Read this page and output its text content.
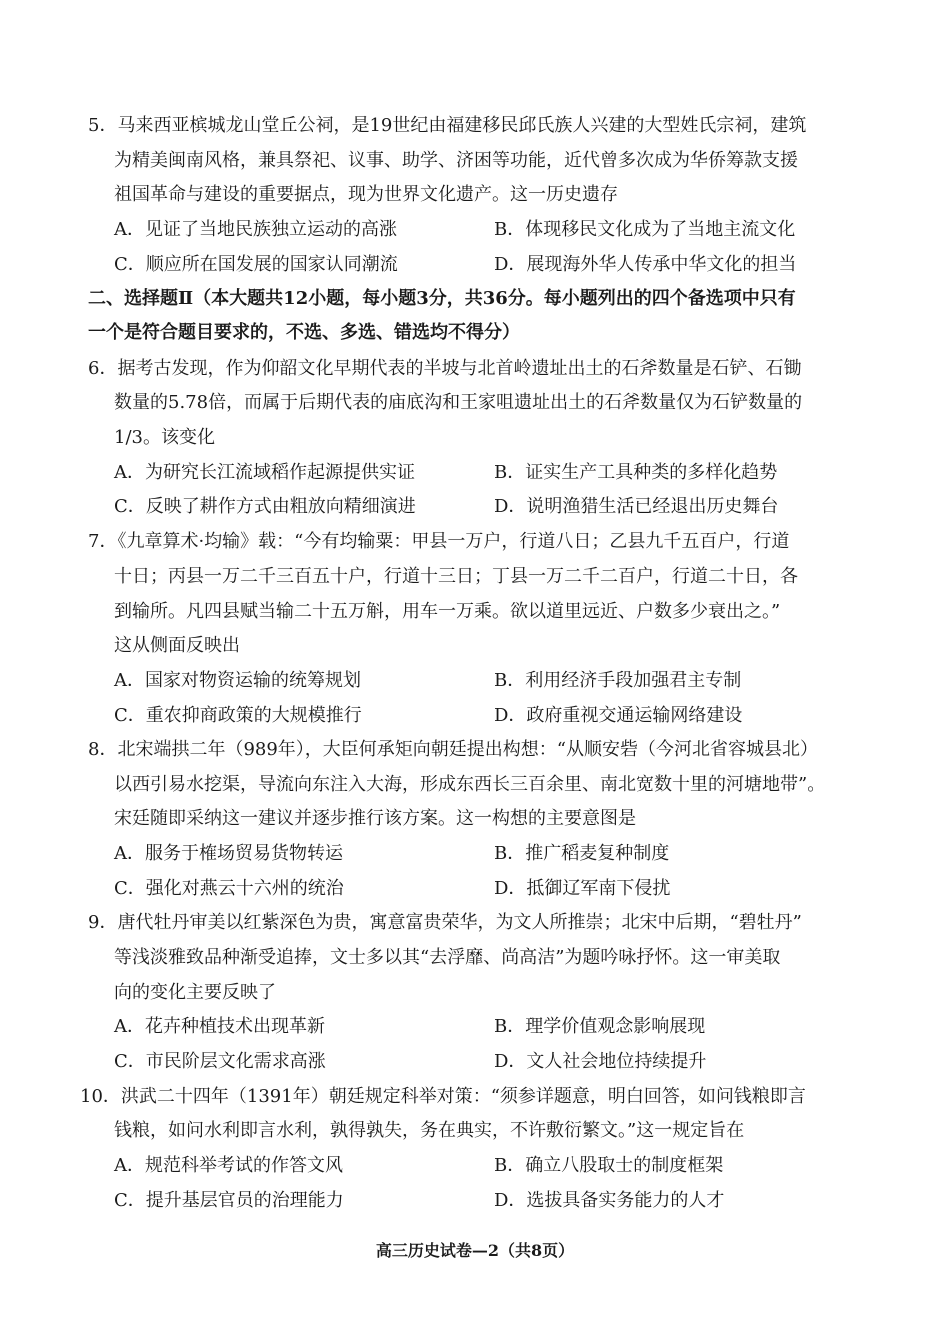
5．马来西亚槟城龙山堂丘公祠，是19世纪由福建移民邱氏族人兴建的大型姓氏宗祠，建筑
为精美闽南风格，兼具祭祀、议事、助学、济困等功能，近代曾多次成为华侨筹款支援
祖国革命与建设的重要据点，现为世界文化遗产。这一历史遗存
A．见证了当地民族独立运动的高涨	B．体现移民文化成为了当地主流文化
C．顺应所在国发展的国家认同潮流	D．展现海外华人传承中华文化的担当
二、选择题Ⅱ（本大题共12小题，每小题3分，共36分。每小题列出的四个备选项中只有
一个是符合题目要求的，不选、多选、错选均不得分）
6．据考古发现，作为仰韶文化早期代表的半坡与北首岭遗址出土的石斧数量是石铲、石锄
数量的5.78倍，而属于后期代表的庙底沟和王家咀遗址出土的石斧数量仅为石铲数量的
1/3。该变化
A．为研究长江流域稻作起源提供实证	B．证实生产工具种类的多样化趋势
C．反映了耕作方式由粗放向精细演进	D．说明渔猎生活已经退出历史舞台
7．《九章算术·均输》载：“今有均输粟：甲县一万户，行道八日；乙县九千五百户，行道
十日；丙县一万二千三百五十户，行道十三日；丁县一万二千二百户，行道二十日，各
到输所。凡四县赋当输二十五万斛，用车一万乘。欲以道里远近、户数多少衰出之。”
这从侧面反映出
A．国家对物资运输的统筹规划	B．利用经济手段加强君主专制
C．重农抑商政策的大规模推行	D．政府重视交通运输网络建设
8．北宋端拱二年（989年），大臣何承矩向朝廷提出构想：“从顺安砦（今河北省容城县北）
以西引易水挖渠，导流向东注入大海，形成东西长三百余里、南北宽数十里的河塘地带”。
宋廷随即采纳这一建议并逐步推行该方案。这一构想的主要意图是
A．服务于榷场贸易货物转运	B．推广稻麦复种制度
C．强化对燕云十六州的统治	D．抵御辽军南下侵扰
9．唐代牡丹审美以红紫深色为贵，寓意富贵荣华，为文人所推崇；北宋中后期，“碧牡丹”
等浅淡雅致品种渐受追捧，文士多以其“去浮靡、尚高洁”为题吟咏抒怀。这一审美取
向的变化主要反映了
A．花卉种植技术出现革新	B．理学价值观念影响展现
C．市民阶层文化需求高涨	D．文人社会地位持续提升
10．洪武二十四年（1391年）朝廷规定科举对策：“须参详题意，明白回答，如问钱粮即言
钱粮，如问水利即言水利，孰得孰失，务在典实，不许敷衍繁文。”这一规定旨在
A．规范科举考试的作答文风	B．确立八股取士的制度框架
C．提升基层官员的治理能力	D．选拔具备实务能力的人才
高三历史试卷—2（共8页）
